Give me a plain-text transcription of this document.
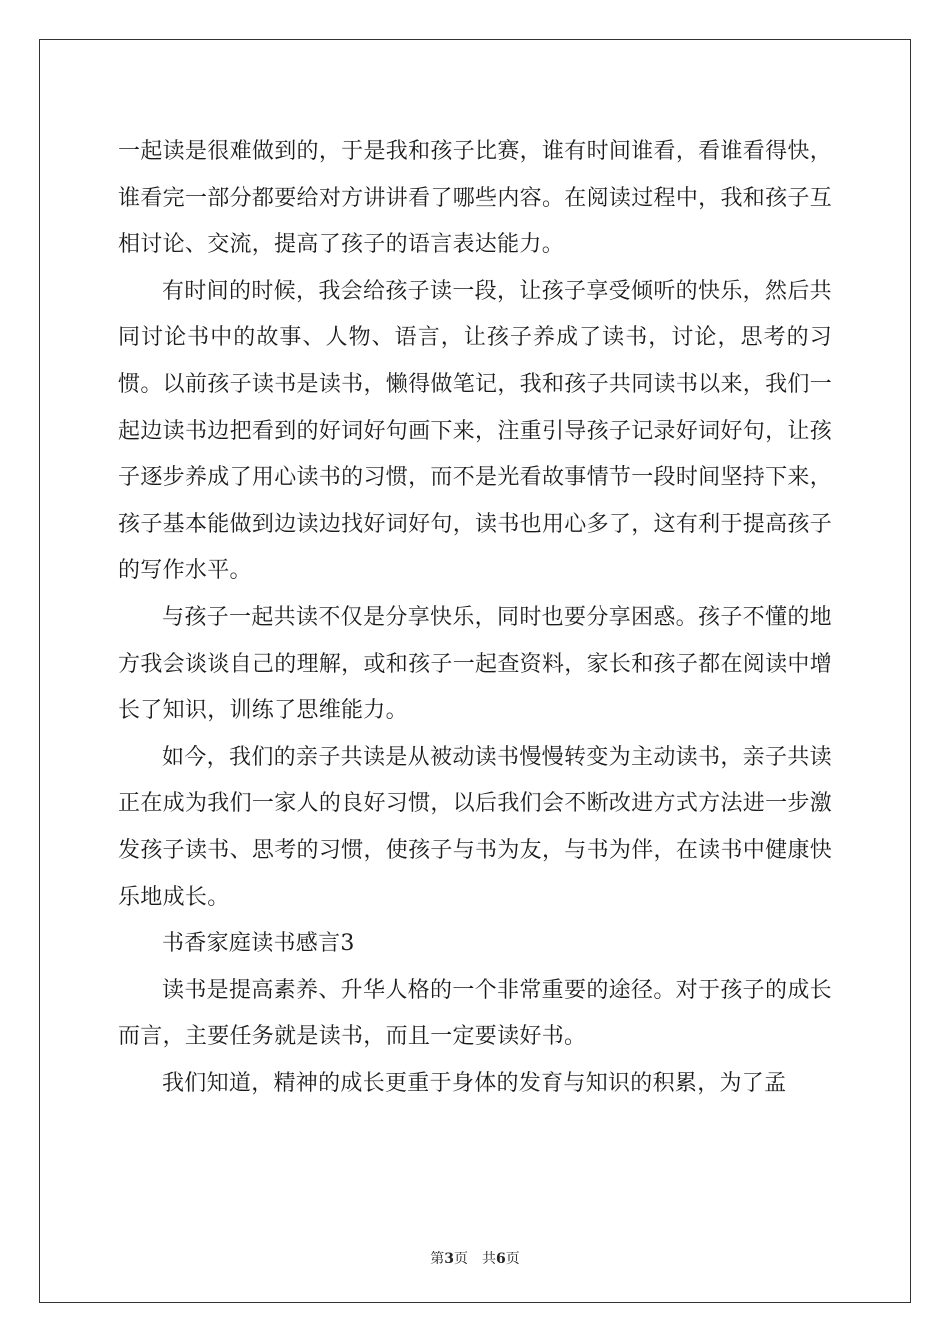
一起读是很难做到的，于是我和孩子比赛，谁有时间谁看，看谁看得快，谁看完一部分都要给对方讲讲看了哪些内容。在阅读过程中，我和孩子互相讨论、交流，提高了孩子的语言表达能力。

有时间的时候，我会给孩子读一段，让孩子享受倾听的快乐，然后共同讨论书中的故事、人物、语言，让孩子养成了读书，讨论，思考的习惯。以前孩子读书是读书，懒得做笔记，我和孩子共同读书以来，我们一起边读书边把看到的好词好句画下来，注重引导孩子记录好词好句，让孩子逐步养成了用心读书的习惯，而不是光看故事情节一段时间坚持下来，孩子基本能做到边读边找好词好句，读书也用心多了，这有利于提高孩子的写作水平。

与孩子一起共读不仅是分享快乐，同时也要分享困惑。孩子不懂的地方我会谈谈自己的理解，或和孩子一起查资料，家长和孩子都在阅读中增长了知识，训练了思维能力。

如今，我们的亲子共读是从被动读书慢慢转变为主动读书，亲子共读正在成为我们一家人的良好习惯，以后我们会不断改进方式方法进一步激发孩子读书、思考的习惯，使孩子与书为友，与书为伴，在读书中健康快乐地成长。

书香家庭读书感言3

读书是提高素养、升华人格的一个非常重要的途径。对于孩子的成长而言，主要任务就是读书，而且一定要读好书。

我们知道，精神的成长更重于身体的发育与知识的积累，为了孟

第3页 共6页
